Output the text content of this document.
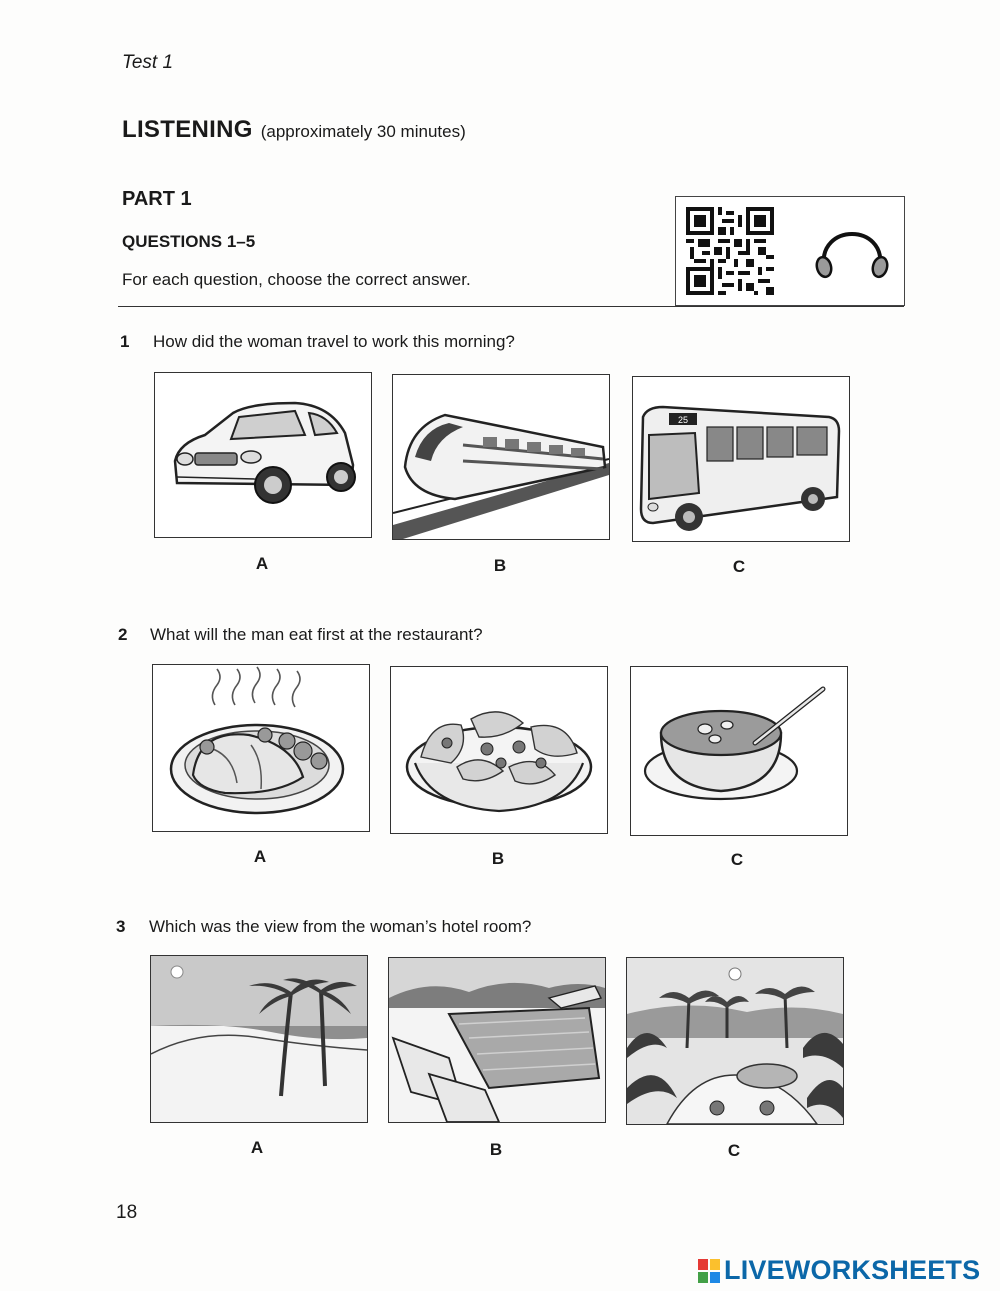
Test 1
LISTENING (approximately 30 minutes)
PART 1
QUESTIONS 1–5
For each question, choose the correct answer.
1 How did the woman travel to work this morning?
25
A	B	C
2 What will the man eat first at the restaurant?
A	B	C
3 Which was the view from the woman’s hotel room?
A	B	C
18
LIVEWORKSHEETS
